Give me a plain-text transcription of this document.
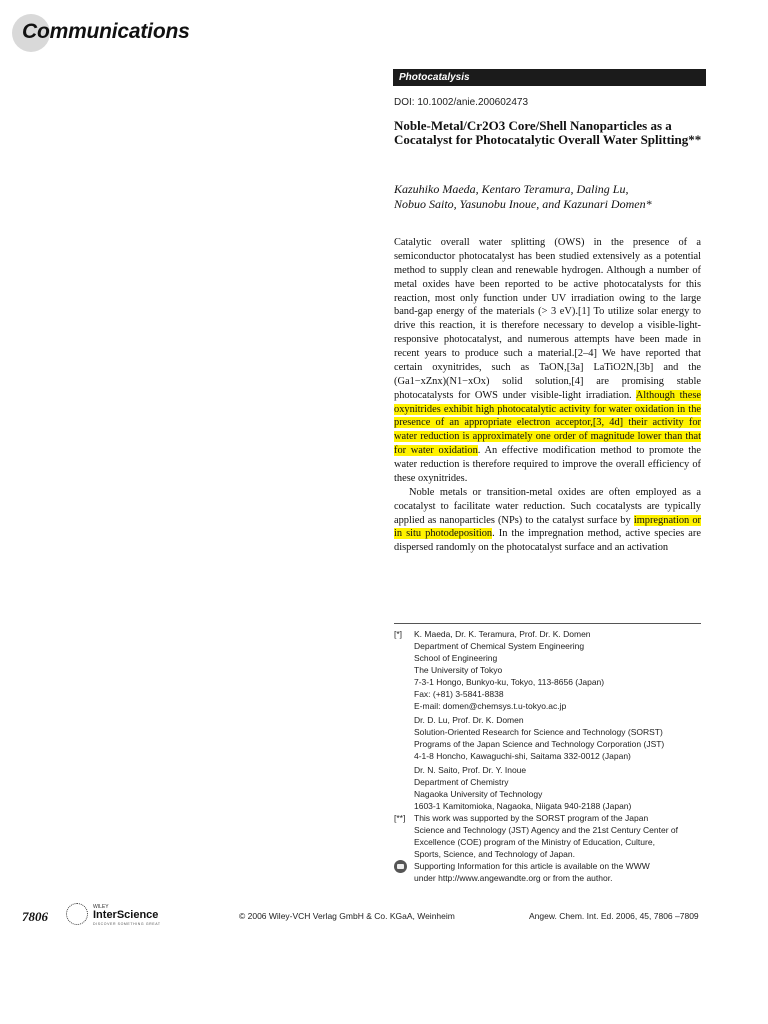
Communications
Photocatalysis
DOI: 10.1002/anie.200602473
Noble-Metal/Cr2O3 Core/Shell Nanoparticles as a Cocatalyst for Photocatalytic Overall Water Splitting**
Kazuhiko Maeda, Kentaro Teramura, Daling Lu,
Nobuo Saito, Yasunobu Inoue, and Kazunari Domen*

Catalytic overall water splitting (OWS) in the presence of a semiconductor photocatalyst has been studied extensively as a potential method to supply clean and renewable hydrogen. Although a number of metal oxides have been reported to be active photocatalysts for this reaction, most only function under UV irradiation owing to the large band-gap energy of the materials (> 3 eV).[1] To utilize solar energy to drive this reaction, it is therefore necessary to develop a visible-light-responsive photocatalyst, and numerous attempts have been made in recent years to produce such a material.[2–4] We have reported that certain oxynitrides, such as TaON,[3a] LaTiO2N,[3b] and the (Ga1−xZnx)(N1−xOx) solid solution,[4] are promising stable photocatalysts for OWS under visible-light irradiation. Although these oxynitrides exhibit high photocatalytic activity for water oxidation in the presence of an appropriate electron acceptor,[3, 4d] their activity for water reduction is approximately one order of magnitude lower than that for water oxidation. An effective modification method to promote the water reduction is therefore required to improve the overall efficiency of these oxynitrides.

Noble metals or transition-metal oxides are often employed as a cocatalyst to facilitate water reduction. Such cocatalysts are typically applied as nanoparticles (NPs) to the catalyst surface by impregnation or in situ photodeposition. In the impregnation method, active species are dispersed randomly on the photocatalyst surface and an activation

[*]	K. Maeda, Dr. K. Teramura, Prof. Dr. K. Domen
Department of Chemical System Engineering
School of Engineering
The University of Tokyo
7-3-1 Hongo, Bunkyo-ku, Tokyo, 113-8656 (Japan)
Fax: (+81) 3-5841-8838
E-mail: domen@chemsys.t.u-tokyo.ac.jp
Dr. D. Lu, Prof. Dr. K. Domen
Solution-Oriented Research for Science and Technology (SORST)
Programs of the Japan Science and Technology Corporation (JST)
4-1-8 Honcho, Kawaguchi-shi, Saitama 332-0012 (Japan)
Dr. N. Saito, Prof. Dr. Y. Inoue
Department of Chemistry
Nagaoka University of Technology
1603-1 Kamitomioka, Nagaoka, Niigata 940-2188 (Japan)
[**]	This work was supported by the SORST program of the Japan
Science and Technology (JST) Agency and the 21st Century Center of
Excellence (COE) program of the Ministry of Education, Culture,
Sports, Science, and Technology of Japan.
Supporting Information for this article is available on the WWW
under http://www.angewandte.org or from the author.
7806
WILEY
InterScience
DISCOVER SOMETHING GREAT
© 2006 Wiley-VCH Verlag GmbH & Co. KGaA, Weinheim	Angew. Chem. Int. Ed. 2006, 45, 7806 –7809
